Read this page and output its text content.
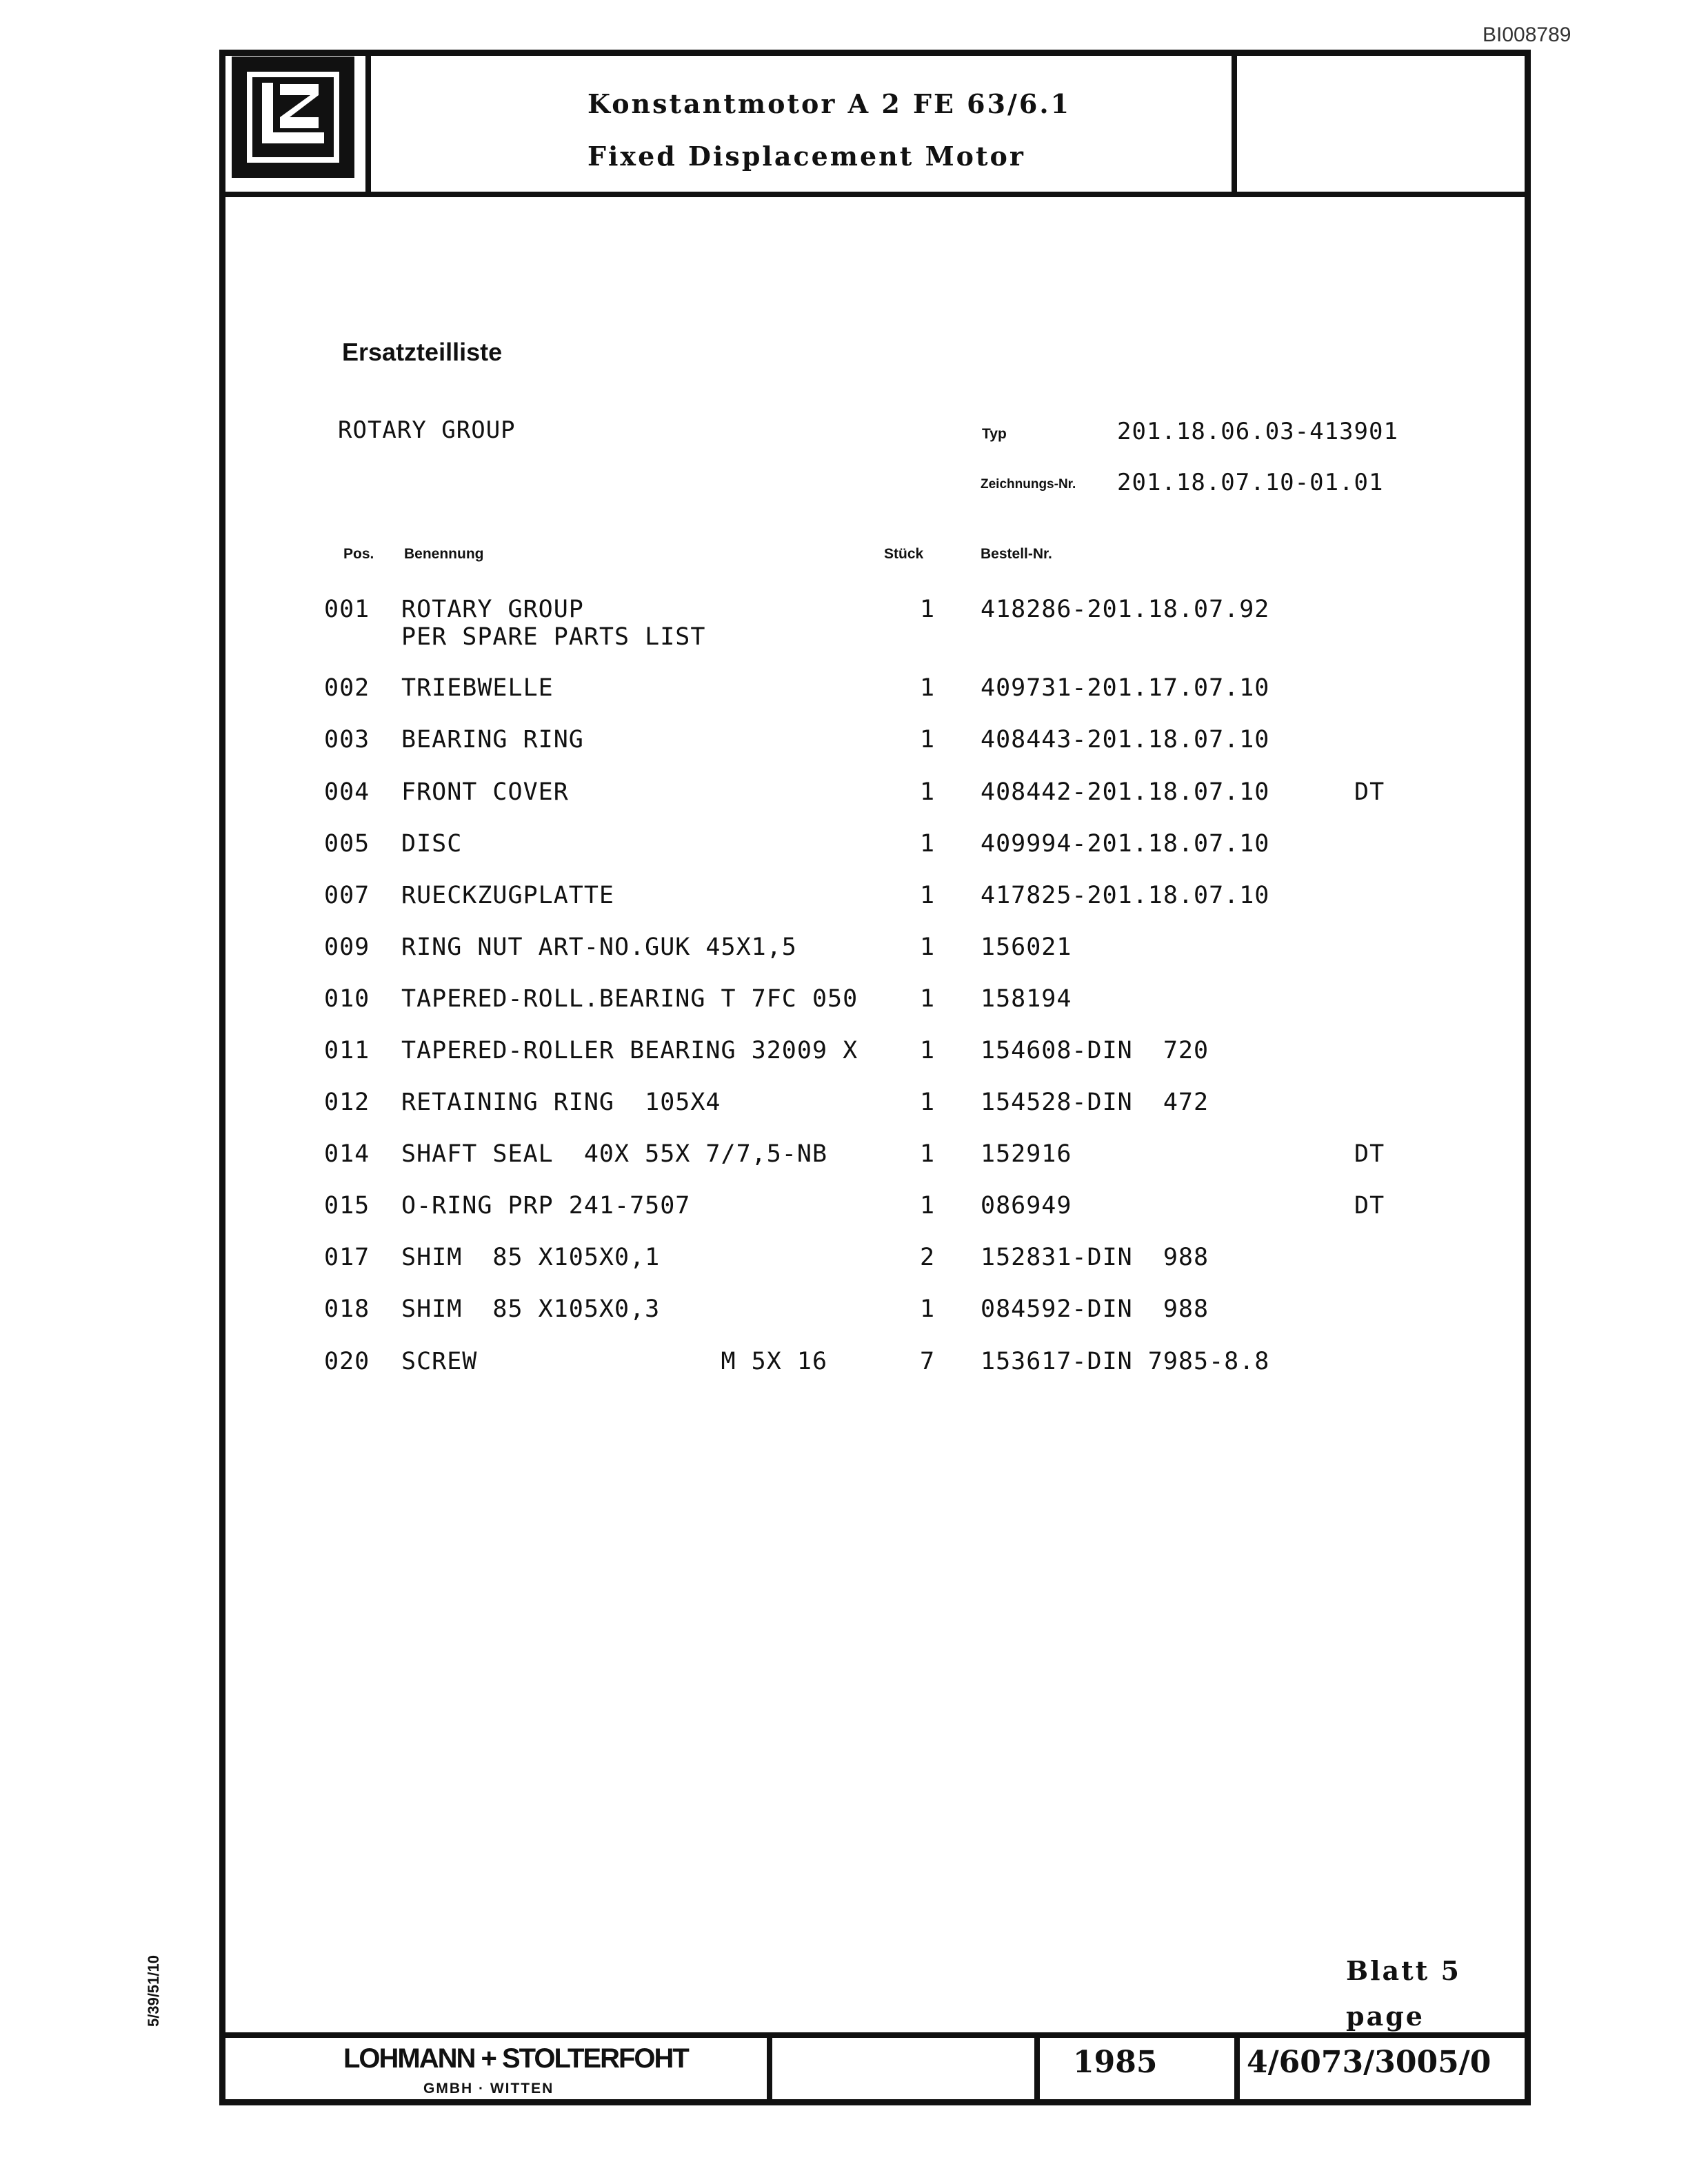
BI008789
Konstantmotor A 2 FE 63/6.1
Fixed Displacement Motor
Ersatzteilliste
ROTARY GROUP	Typ	201.18.06.03-413901
Zeichnungs-Nr. 201.18.07.10-01.01
Pos. Benennung	Stück	Bestell-Nr.
001 ROTARY GROUP	1 418286-201.18.07.92
PER SPARE PARTS LIST
002 TRIEBWELLE	1 409731-201.17.07.10
003 BEARING RING	1 408443-201.18.07.10
004 FRONT COVER	1 408442-201.18.07.10	DT
005 DISC	1 409994-201.18.07.10
007 RUECKZUGPLATTE	1 417825-201.18.07.10
009 RING NUT ART-NO.GUK 45X1,5	1 156021
010 TAPERED-ROLL.BEARING T 7FC 050	1 158194
011 TAPERED-ROLLER BEARING 32009 X	1 154608-DIN  720
012 RETAINING RING  105X4	1 154528-DIN  472
014 SHAFT SEAL  40X 55X 7/7,5-NB	1 152916	DT
015 O-RING PRP 241-7507	1 086949	DT
017 SHIM  85 X105X0,1	2 152831-DIN  988
018 SHIM  85 X105X0,3	1 084592-DIN  988
020 SCREW                M 5X 16	7 153617-DIN 7985-8.8
Blatt 5
page
LOHMANN + STOLTERFOHT
GMBH · WITTEN
1985	4/6073/3005/0
5/39/51/10
